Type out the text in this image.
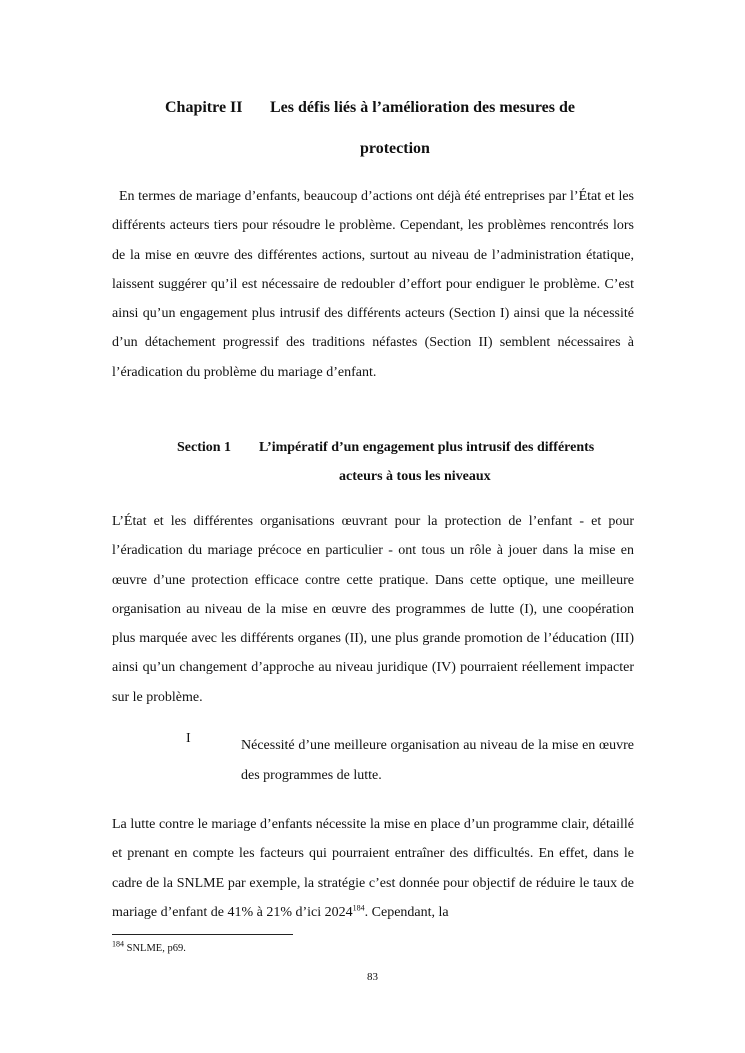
Chapitre II Les défis liés à l’amélioration des mesures de
protection
En termes de mariage d’enfants, beaucoup d’actions ont déjà été entreprises par l’État et les différents acteurs tiers pour résoudre le problème. Cependant, les problèmes rencontrés lors de la mise en œuvre des différentes actions, surtout au niveau de l’administration étatique, laissent suggérer qu’il est nécessaire de redoubler d’effort pour endiguer le problème. C’est ainsi qu’un engagement plus intrusif des différents acteurs (Section I) ainsi que la nécessité d’un détachement progressif des traditions néfastes (Section II) semblent nécessaires à l’éradication du problème du mariage d’enfant.
Section 1 L’impératif d’un engagement plus intrusif des différents
acteurs à tous les niveaux
L’État et les différentes organisations œuvrant pour la protection de l’enfant - et pour l’éradication du mariage précoce en particulier - ont tous un rôle à jouer dans la mise en œuvre d’une protection efficace contre cette pratique. Dans cette optique, une meilleure organisation au niveau de la mise en œuvre des programmes de lutte (I), une coopération plus marquée avec les différents organes (II), une plus grande promotion de l’éducation (III) ainsi qu’un changement d’approche au niveau juridique (IV) pourraient réellement impacter sur le problème.
I	Nécessité d’une meilleure organisation au niveau de la mise en œuvre des programmes de lutte.
La lutte contre le mariage d’enfants nécessite la mise en place d’un programme clair, détaillé et prenant en compte les facteurs qui pourraient entraîner des difficultés. En effet, dans le cadre de la SNLME par exemple, la stratégie c’est donnée pour objectif de réduire le taux de mariage d’enfant de 41% à 21% d’ici 2024$^{184}$. Cependant, la
$^{184}$ SNLME, p69.
83
